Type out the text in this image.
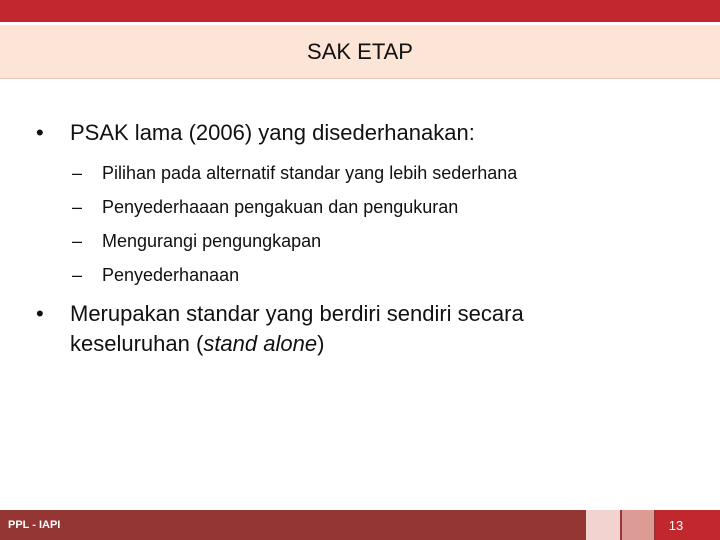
SAK ETAP
• PSAK lama (2006) yang disederhanakan:
– Pilihan pada alternatif standar yang lebih sederhana
– Penyederhaaan pengakuan dan pengukuran
– Mengurangi pengungkapan
– Penyederhanaan
• Merupakan standar yang berdiri sendiri secara keseluruhan (stand alone)
PPL - IAPI	13
